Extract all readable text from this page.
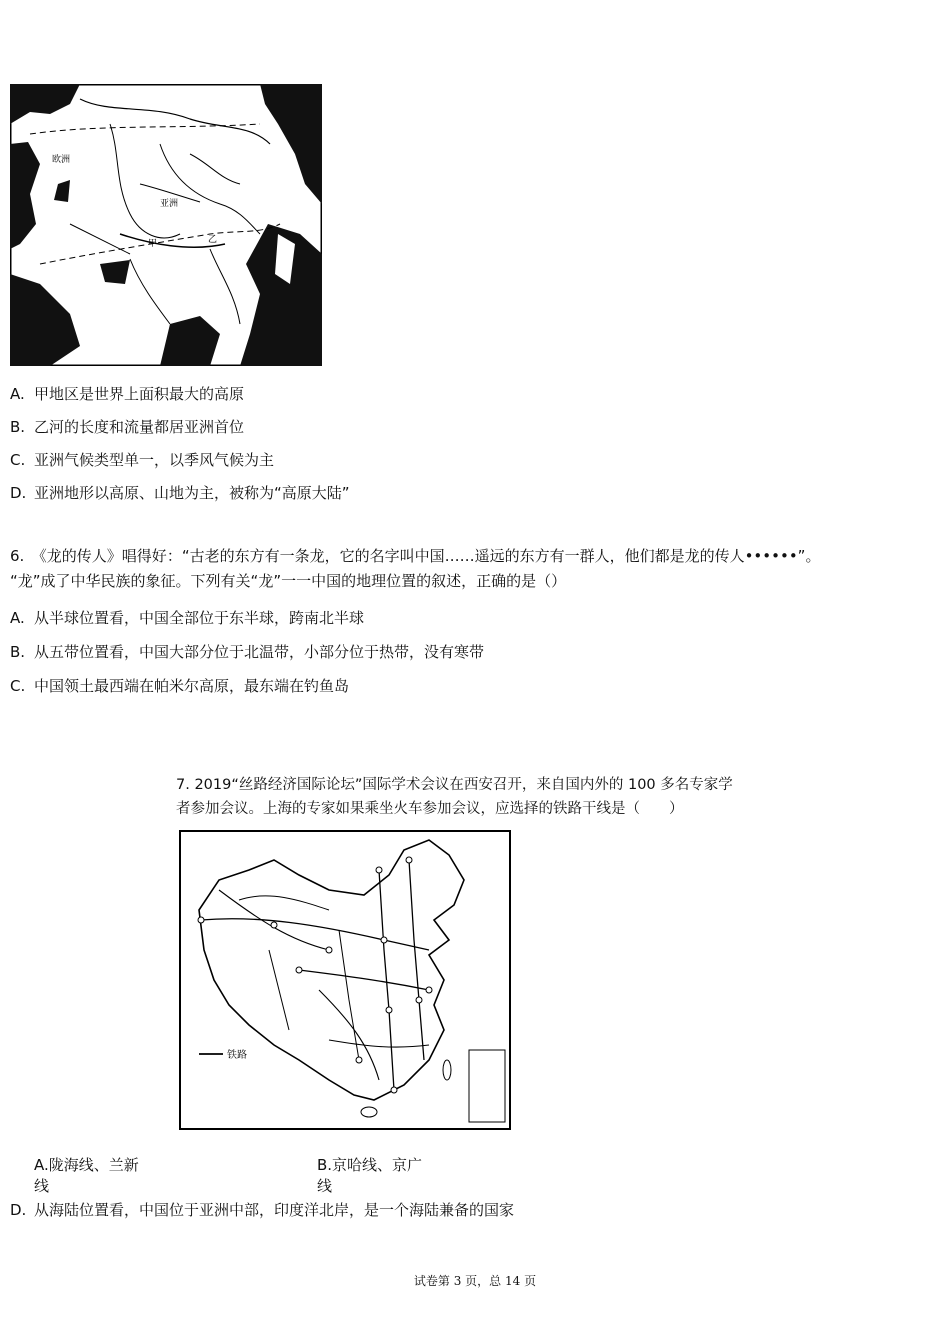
欧洲
亚洲
甲	乙
A. 甲地区是世界上面积最大的高原
B. 乙河的长度和流量都居亚洲首位
C. 亚洲气候类型单一，以季风气候为主
D. 亚洲地形以高原、山地为主，被称为“高原大陆”
6.　《龙的传人》唱得好：“古老的东方有一条龙，它的名字叫中国……遥远的东方有一群人，他们都是龙的传人••••••”。
“龙”成了中华民族的象征。下列有关“龙”一一中国的地理位置的叙述，正确的是（）
A. 从半球位置看，中国全部位于东半球，跨南北半球
B. 从五带位置看，中国大部分位于北温带，小部分位于热带，没有寒带
C. 中国领土最西端在帕米尔高原，最东端在钓鱼岛
7. 2019“丝路经济国际论坛”国际学术会议在西安召开，来自国内外的 100 多名专家学
者参加会议。上海的专家如果乘坐火车参加会议，应选择的铁路干线是（　　）
铁路
A.陇海线、兰新
线
B.京哈线、京广
线
D. 从海陆位置看，中国位于亚洲中部，印度洋北岸，是一个海陆兼备的国家
试卷第 3 页，总 14 页
